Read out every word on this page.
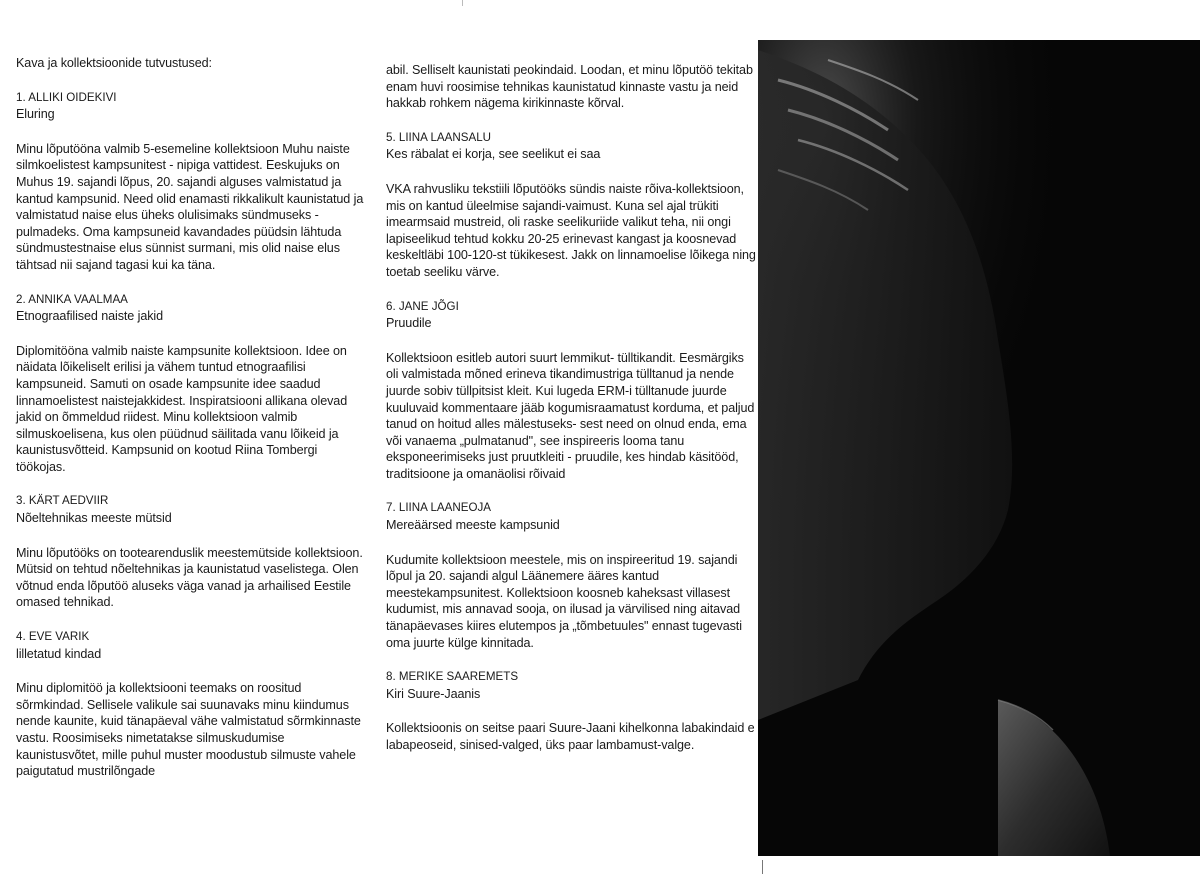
Kava ja kollektsioonide tutvustused:

1. ALLIKI OIDEKIVI

Eluring

Minu lõputööna valmib 5-esemeline kollektsioon Muhu naiste silmkoelistest kampsunitest - nipiga vattidest. Eeskujuks on Muhus 19. sajandi lõpus, 20. sajandi alguses valmistatud ja kantud kampsunid. Need olid enamasti rikkalikult kaunistatud ja valmistatud naise elus üheks olulisimaks sündmuseks - pulmadeks. Oma kampsuneid kavandades püüdsin lähtuda sündmustestnaise elus sünnist surmani, mis olid naise elus tähtsad nii sajand tagasi kui ka täna.

2. ANNIKA VAALMAA

Etnograafilised naiste jakid

Diplomitööna valmib naiste kampsunite kollektsioon. Idee on näidata lõikeliselt erilisi ja vähem tuntud etnograafilisi kampsuneid. Samuti on osade kampsunite idee saadud linnamoelistest naistejakkidest. Inspiratsiooni allikana olevad jakid on õmmeldud riidest. Minu kollektsioon valmib silmuskoelisena, kus olen püüdnud säilitada vanu lõikeid ja kaunistusvõtteid. Kampsunid on kootud Riina Tombergi töökojas.

3. KÄRT AEDVIIR

Nõeltehnikas meeste mütsid

Minu lõputööks on tootearenduslik meestemütside kollektsioon. Mütsid on tehtud nõeltehnikas ja kaunistatud vaselistega. Olen võtnud enda lõputöö aluseks väga vanad ja arhailised Eestile omased tehnikad.

4. EVE VARIK

lilletatud kindad

Minu diplomitöö ja kollektsiooni teemaks on roositud sõrmkindad. Sellisele valikule sai suunavaks minu kiindumus nende kaunite, kuid tänapäeval vähe valmistatud sõrmkinnaste vastu. Roosimiseks nimetatakse silmuskudumise kaunistusvõtet, mille puhul muster moodustub silmuste vahele paigutatud mustrilõngade

abil. Selliselt kaunistati peokindaid. Loodan, et minu lõputöö tekitab enam huvi roosimise tehnikas kaunistatud kinnaste vastu ja neid hakkab rohkem nägema kirikinnaste kõrval.

5. LIINA LAANSALU

Kes räbalat ei korja, see seelikut ei saa

VKA rahvusliku tekstiili lõputööks sündis naiste rõiva-kollektsioon, mis on kantud üleelmise sajandi-vaimust. Kuna sel ajal trükiti imearmsaid mustreid, oli raske seelikuriide valikut teha, nii ongi lapiseelikud tehtud kokku 20-25 erinevast kangast ja koosnevad keskeltläbi 100-120-st tükikesest. Jakk on linnamoelise lõikega ning toetab seeliku värve.

6. JANE JÕGI

Pruudile

Kollektsioon esitleb autori suurt lemmikut- tülltikandit. Eesmärgiks oli valmistada mõned erineva tikandimustriga tülltanud ja nende juurde sobiv tüllpitsist kleit. Kui lugeda ERM-i tülltanude juurde kuuluvaid kommentaare jääb kogumisraamatust korduma, et paljud tanud on hoitud alles mälestuseks- sest need on olnud enda, ema või vanaema „pulmatanud", see inspireeris looma tanu eksponeerimiseks just pruutkleiti - pruudile, kes hindab käsitööd, traditsioone ja omanäolisi rõivaid

7. LIINA LAANEOJA

Mereäärsed meeste kampsunid

Kudumite kollektsioon meestele, mis on inspireeritud 19. sajandi lõpul ja 20. sajandi algul Läänemere ääres kantud meestekampsunitest. Kollektsioon koosneb kaheksast villasest kudumist, mis annavad sooja, on ilusad ja värvilised ning aitavad tänapäevases kiires elutempos ja „tõmbetuules" ennast tugevasti oma juurte külge kinnitada.

8. MERIKE SAAREMETS

Kiri Suure-Jaanis

Kollektsioonis on seitse paari Suure-Jaani kihelkonna labakindaid e labapeoseid, sinised-valged, üks paar lambamust-valge.
